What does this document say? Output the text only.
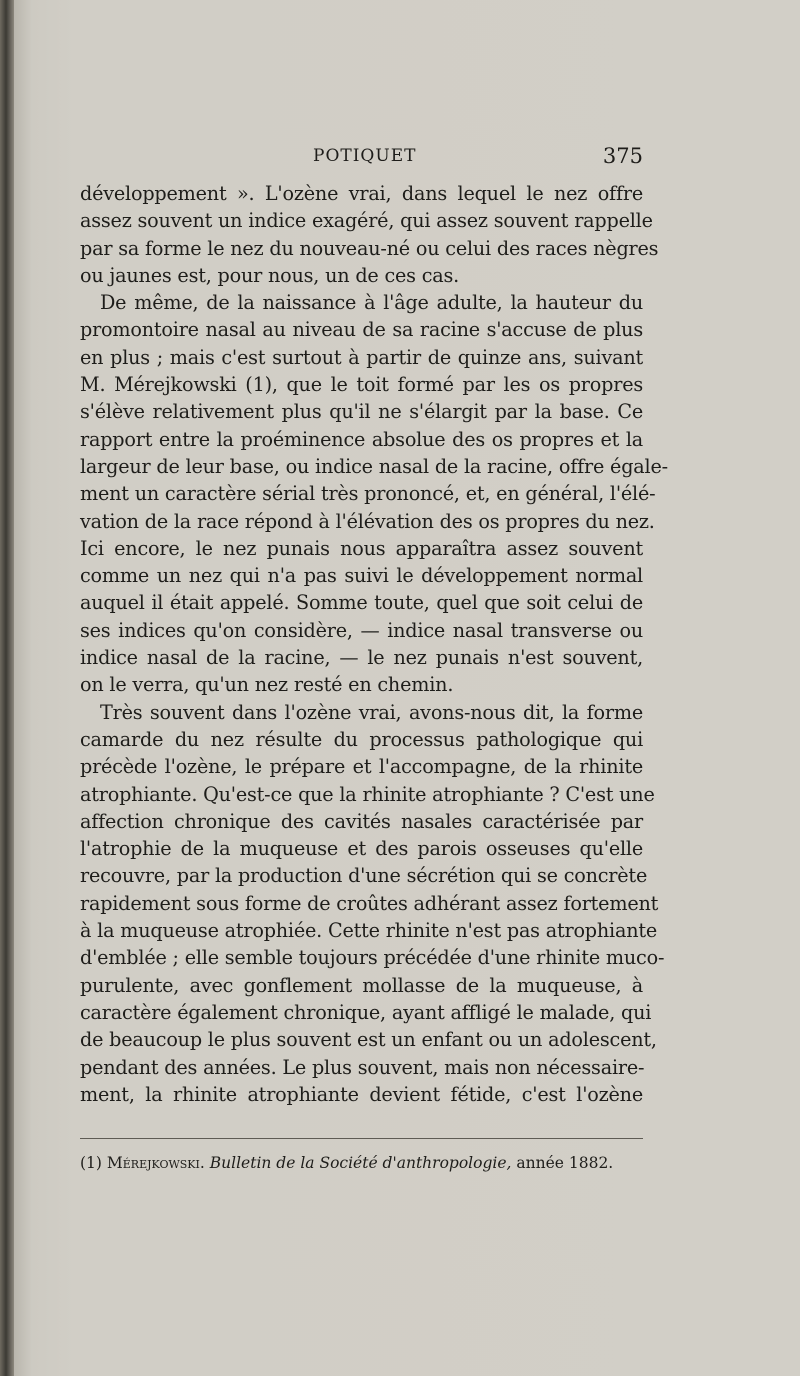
POTIQUET	375
développement ». L'ozène vrai, dans lequel le nez offre
assez souvent un indice exagéré, qui assez souvent rappelle
par sa forme le nez du nouveau-né ou celui des races nègres
ou jaunes est, pour nous, un de ces cas.
De même, de la naissance à l'âge adulte, la hauteur du
promontoire nasal au niveau de sa racine s'accuse de plus
en plus ; mais c'est surtout à partir de quinze ans, suivant
M. Mérejkowski (1), que le toit formé par les os propres
s'élève relativement plus qu'il ne s'élargit par la base. Ce
rapport entre la proéminence absolue des os propres et la
largeur de leur base, ou indice nasal de la racine, offre égale-
ment un caractère sérial très prononcé, et, en général, l'élé-
vation de la race répond à l'élévation des os propres du nez.
Ici encore, le nez punais nous apparaîtra assez souvent
comme un nez qui n'a pas suivi le développement normal
auquel il était appelé. Somme toute, quel que soit celui de
ses indices qu'on considère, — indice nasal transverse ou
indice nasal de la racine, — le nez punais n'est souvent,
on le verra, qu'un nez resté en chemin.
Très souvent dans l'ozène vrai, avons-nous dit, la forme
camarde du nez résulte du processus pathologique qui
précède l'ozène, le prépare et l'accompagne, de la rhinite
atrophiante. Qu'est-ce que la rhinite atrophiante ? C'est une
affection chronique des cavités nasales caractérisée par
l'atrophie de la muqueuse et des parois osseuses qu'elle
recouvre, par la production d'une sécrétion qui se concrète
rapidement sous forme de croûtes adhérant assez fortement
à la muqueuse atrophiée. Cette rhinite n'est pas atrophiante
d'emblée ; elle semble toujours précédée d'une rhinite muco-
purulente, avec gonflement mollasse de la muqueuse, à
caractère également chronique, ayant affligé le malade, qui
de beaucoup le plus souvent est un enfant ou un adolescent,
pendant des années. Le plus souvent, mais non nécessaire-
ment, la rhinite atrophiante devient fétide, c'est l'ozène
(1) Mérejkowski. Bulletin de la Société d'anthropologie, année 1882.
